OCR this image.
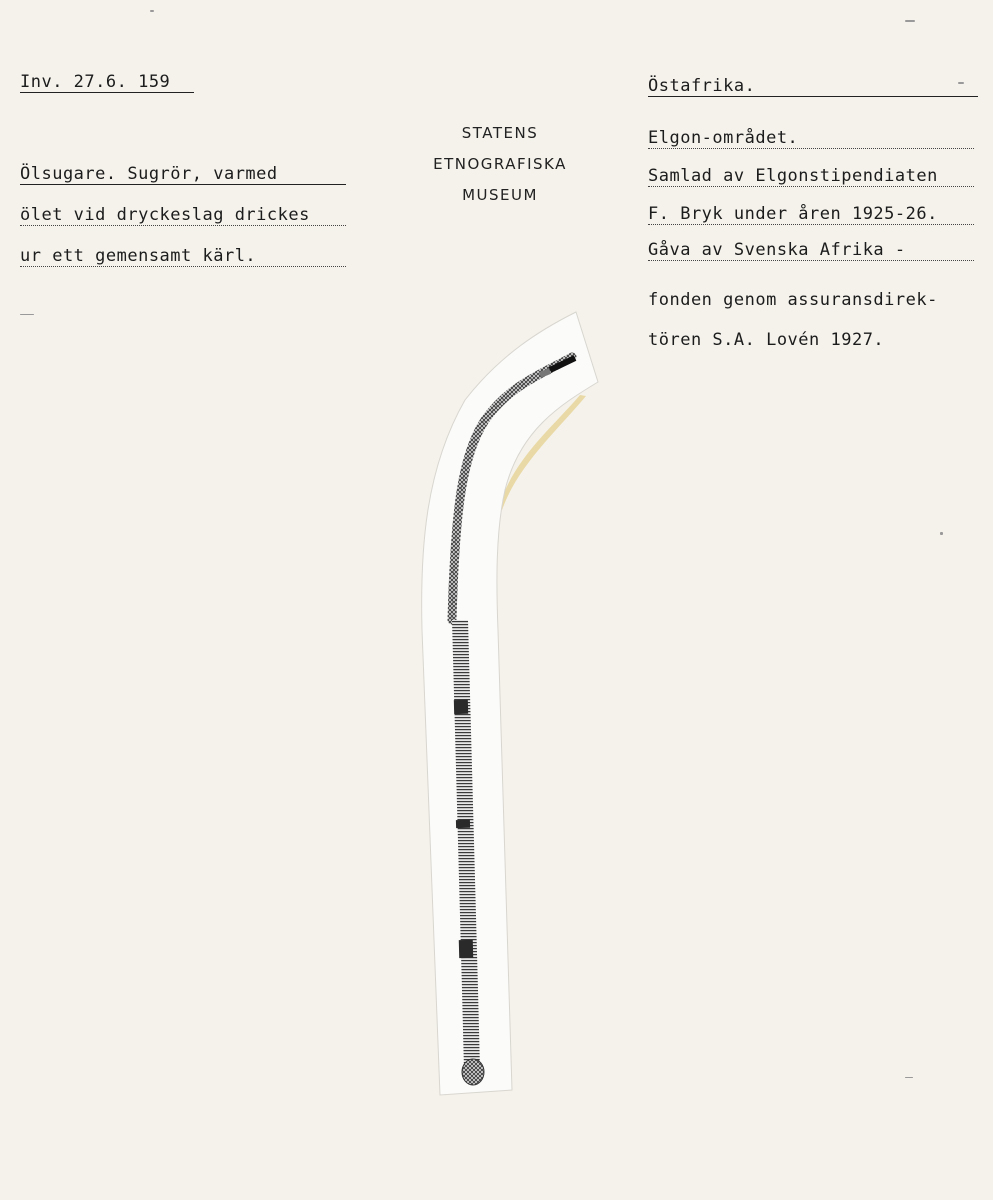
Inv. 27.6. 159
Ölsugare. Sugrör, varmed
ölet vid dryckeslag drickes
ur ett gemensamt kärl.
STATENS
ETNOGRAFISKA
MUSEUM
Östafrika.
Elgon-området.
Samlad av Elgonstipendiaten
F. Bryk under åren 1925-26.
Gåva av Svenska Afrika -
fonden genom assuransdirek-
tören S.A. Lovén 1927.
